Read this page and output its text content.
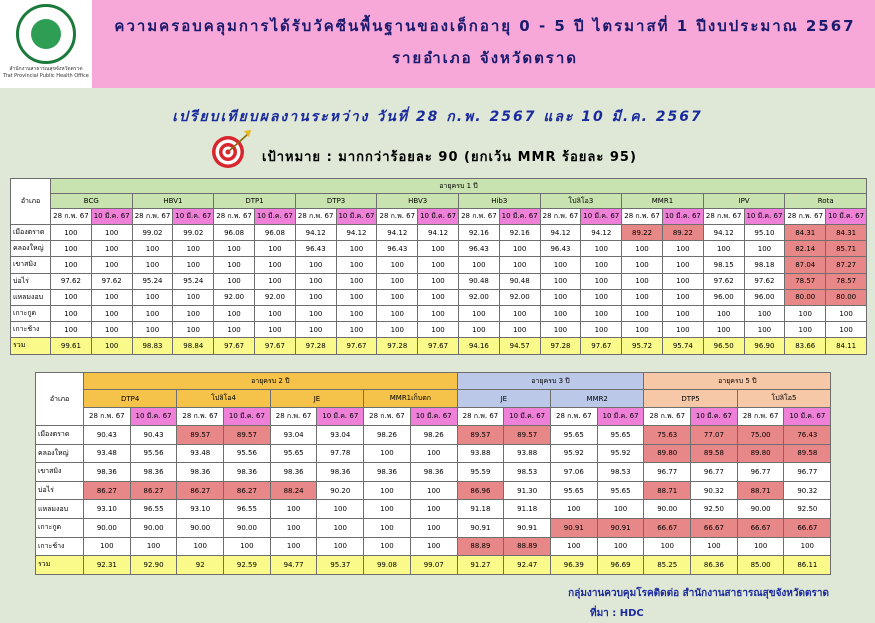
สำนักงานสาธารณสุขจังหวัดตราด
Trat Provincial Public Health Office
ความครอบคลุมการได้รับวัคซีนพื้นฐานของเด็กอายุ 0 - 5 ปี ไตรมาสที่ 1 ปีงบประมาณ 2567
รายอำเภอ จังหวัดตราด
เปรียบเทียบผลงานระหว่าง วันที่ 28 ก.พ. 2567 และ 10 มี.ค. 2567
เป้าหมาย : มากกว่าร้อยละ 90 (ยกเว้น MMR ร้อยละ 95)
อำเภอ	อายุครบ 1 ปี																			
	BCG		HBV1		DTP1		DTP3		HBV3		Hib3		โปลิโอ3		MMR1		IPV		Rota	
	28 ก.พ. 67	10 มี.ค. 67	28 ก.พ. 67	10 มี.ค. 67	28 ก.พ. 67	10 มี.ค. 67	28 ก.พ. 67	10 มี.ค. 67	28 ก.พ. 67	10 มี.ค. 67	28 ก.พ. 67	10 มี.ค. 67	28 ก.พ. 67	10 มี.ค. 67	28 ก.พ. 67	10 มี.ค. 67	28 ก.พ. 67	10 มี.ค. 67	28 ก.พ. 67	10 มี.ค. 67
เมืองตราด	100	100	99.02	99.02	96.08	96.08	94.12	94.12	94.12	94.12	92.16	92.16	94.12	94.12	89.22	89.22	94.12	95.10	84.31	84.31
คลองใหญ่	100	100	100	100	100	100	96.43	100	96.43	100	96.43	100	96.43	100	100	100	100	100	82.14	85.71
เขาสมิง	100	100	100	100	100	100	100	100	100	100	100	100	100	100	100	100	98.15	98.18	87.04	87.27
บ่อไร่	97.62	97.62	95.24	95.24	100	100	100	100	100	100	90.48	90.48	100	100	100	100	97.62	97.62	78.57	78.57
แหลมงอบ	100	100	100	100	92.00	92.00	100	100	100	100	92.00	92.00	100	100	100	100	96.00	96.00	80.00	80.00
เกาะกูด	100	100	100	100	100	100	100	100	100	100	100	100	100	100	100	100	100	100	100	100
เกาะช้าง	100	100	100	100	100	100	100	100	100	100	100	100	100	100	100	100	100	100	100	100
รวม	99.61	100	98.83	98.84	97.67	97.67	97.28	97.67	97.28	97.67	94.16	94.57	97.28	97.67	95.72	95.74	96.50	96.90	83.66	84.11
อำเภอ	อายุครบ 2 ปี								อายุครบ 3 ปี				อายุครบ 5 ปี			
	DTP4		โปลิโอ4		JE		MMR1เก็บตก		JE		MMR2		DTP5		โปลิโอ5	
	28 ก.พ. 67	10 มี.ค. 67	28 ก.พ. 67	10 มี.ค. 67	28 ก.พ. 67	10 มี.ค. 67	28 ก.พ. 67	10 มี.ค. 67	28 ก.พ. 67	10 มี.ค. 67	28 ก.พ. 67	10 มี.ค. 67	28 ก.พ. 67	10 มี.ค. 67	28 ก.พ. 67	10 มี.ค. 67
เมืองตราด	90.43	90.43	89.57	89.57	93.04	93.04	98.26	98.26	89.57	89.57	95.65	95.65	75.63	77.07	75.00	76.43
คลองใหญ่	93.48	95.56	93.48	95.56	95.65	97.78	100	100	93.88	93.88	95.92	95.92	89.80	89.58	89.80	89.58
เขาสมิง	98.36	98.36	98.36	98.36	98.36	98.36	98.36	98.36	95.59	98.53	97.06	98.53	96.77	96.77	96.77	96.77
บ่อไร่	86.27	86.27	86.27	86.27	88.24	90.20	100	100	86.96	91.30	95.65	95.65	88.71	90.32	88.71	90.32
แหลมงอบ	93.10	96.55	93.10	96.55	100	100	100	100	91.18	91.18	100	100	90.00	92.50	90.00	92.50
เกาะกูด	90.00	90.00	90.00	90.00	100	100	100	100	90.91	90.91	90.91	90.91	66.67	66.67	66.67	66.67
เกาะช้าง	100	100	100	100	100	100	100	100	88.89	88.89	100	100	100	100	100	100
รวม	92.31	92.90	92	92.59	94.77	95.37	99.08	99.07	91.27	92.47	96.39	96.69	85.25	86.36	85.00	86.11
กลุ่มงานควบคุมโรคติดต่อ สำนักงานสาธารณสุขจังหวัดตราด
ที่มา : HDC
